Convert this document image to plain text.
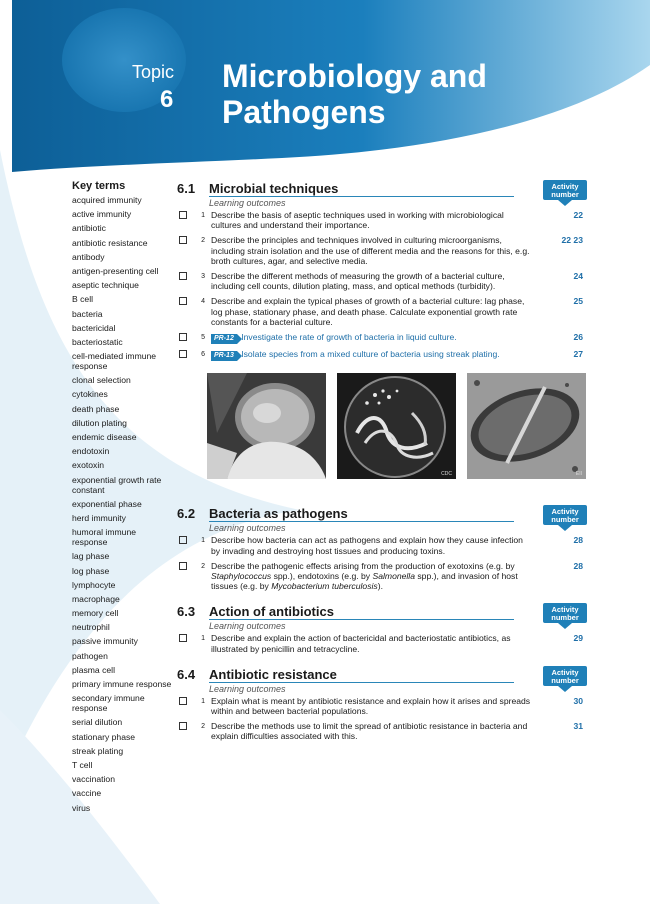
Topic
6
Microbiology and
Pathogens
Key terms
acquired immunity
active immunity
antibiotic
antibiotic resistance
antibody
antigen-presenting cell
aseptic technique
B cell
bacteria
bactericidal
bacteriostatic
cell-mediated immune response
clonal selection
cytokines
death phase
dilution plating
endemic disease
endotoxin
exotoxin
exponential growth rate constant
exponential phase
herd immunity
humoral immune response
lag phase
log phase
lymphocyte
macrophage
memory cell
neutrophil
passive immunity
pathogen
plasma cell
primary immune response
secondary immune response
serial dilution
stationary phase
streak plating
T cell
vaccination
vaccine
virus
6.1 Microbial techniques
Learning outcomes
Activity
number
1 Describe the basis of aseptic techniques used in working with microbiological cultures and understand their importance.
22
2 Describe the principles and techniques involved in culturing microorganisms, including strain isolation and the use of different media and the reasons for this, e.g. broth cultures, agar, and selective media.
22 23
3 Describe the different methods of measuring the growth of a bacterial culture, including cell counts, dilution plating, mass, and optical methods (turbidity).
24
4 Describe and explain the typical phases of growth of a bacterial culture: lag phase, log phase, stationary phase, and death phase. Calculate exponential growth rate constants for a bacterial culture.
25
5	PR-12 Investigate the rate of growth of bacteria in liquid culture.	26
6	PR-13 Isolate species from a mixed culture of bacteria using streak plating.	27
CDC	EII
6.2 Bacteria as pathogens
Learning outcomes
Activity
number
1 Describe how bacteria can act as pathogens and explain how they cause infection by invading and destroying host tissues and producing toxins.
28
2 Describe the pathogenic effects arising from the production of exotoxins (e.g. by Staphylococcus spp.), endotoxins (e.g. by Salmonella spp.), and invasion of host tissues (e.g. by Mycobacterium tuberculosis).
28
6.3 Action of antibiotics
Learning outcomes
Activity
number
1 Describe and explain the action of bactericidal and bacteriostatic antibiotics, as illustrated by penicillin and tetracycline.
29
6.4 Antibiotic resistance
Learning outcomes
Activity
number
1 Explain what is meant by antibiotic resistance and explain how it arises and spreads within and between bacterial populations.
30
2 Describe the methods use to limit the spread of antibiotic resistance in bacteria and explain difficulties associated with this.
31
